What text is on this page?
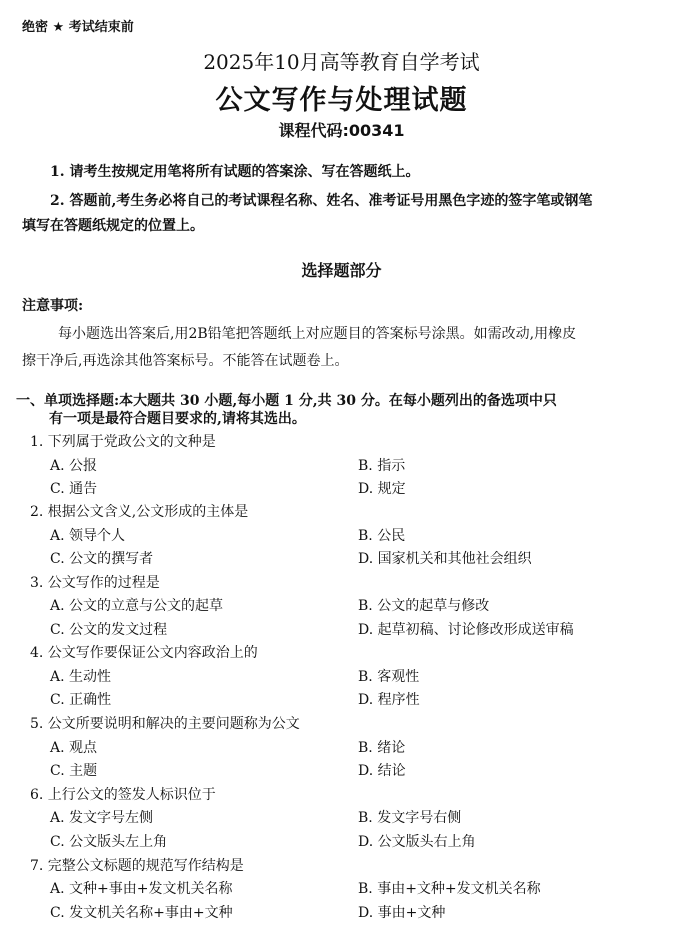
绝密 ★ 考试结束前
2025年10月高等教育自学考试
公文写作与处理试题
课程代码:00341
1. 请考生按规定用笔将所有试题的答案涂、写在答题纸上。
2. 答题前,考生务必将自己的考试课程名称、姓名、准考证号用黑色字迹的签字笔或钢笔
填写在答题纸规定的位置上。
选择题部分
注意事项:
每小题选出答案后,用2B铅笔把答题纸上对应题目的答案标号涂黑。如需改动,用橡皮
擦干净后,再选涂其他答案标号。不能答在试题卷上。
一、单项选择题:本大题共 30 小题,每小题 1 分,共 30 分。在每小题列出的备选项中只
有一项是最符合题目要求的,请将其选出。
1. 下列属于党政公文的文种是
A. 公报	B. 指示
C. 通告	D. 规定
2. 根据公文含义,公文形成的主体是
A. 领导个人	B. 公民
C. 公文的撰写者	D. 国家机关和其他社会组织
3. 公文写作的过程是
A. 公文的立意与公文的起草	B. 公文的起草与修改
C. 公文的发文过程	D. 起草初稿、讨论修改形成送审稿
4. 公文写作要保证公文内容政治上的
A. 生动性	B. 客观性
C. 正确性	D. 程序性
5. 公文所要说明和解决的主要问题称为公文
A. 观点	B. 绪论
C. 主题	D. 结论
6. 上行公文的签发人标识位于
A. 发文字号左侧	B. 发文字号右侧
C. 公文版头左上角	D. 公文版头右上角
7. 完整公文标题的规范写作结构是
A. 文种+事由+发文机关名称	B. 事由+文种+发文机关名称
C. 发文机关名称+事由+文种	D. 事由+文种
